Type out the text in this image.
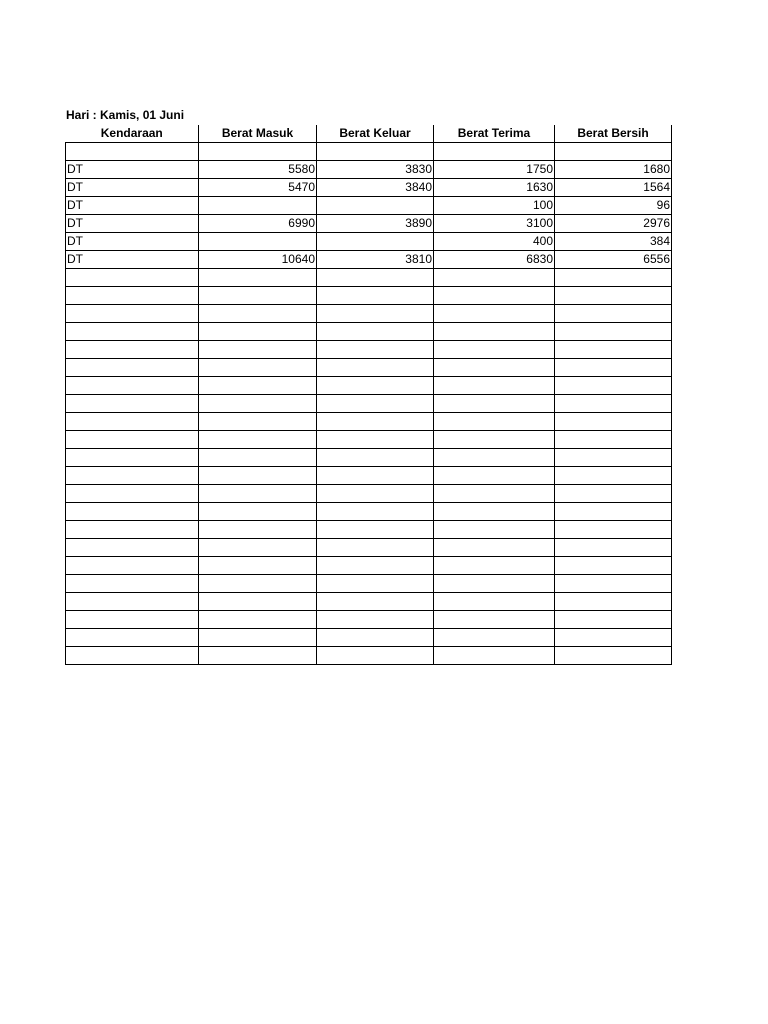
Hari : Kamis, 01 Juni
Kendaraan	Berat Masuk	Berat Keluar	Berat Terima	Berat Bersih

DT	5580	3830	1750	1680
DT	5470	3840	1630	1564
DT			100	96
DT	6990	3890	3100	2976
DT			400	384
DT	10640	3810	6830	6556
